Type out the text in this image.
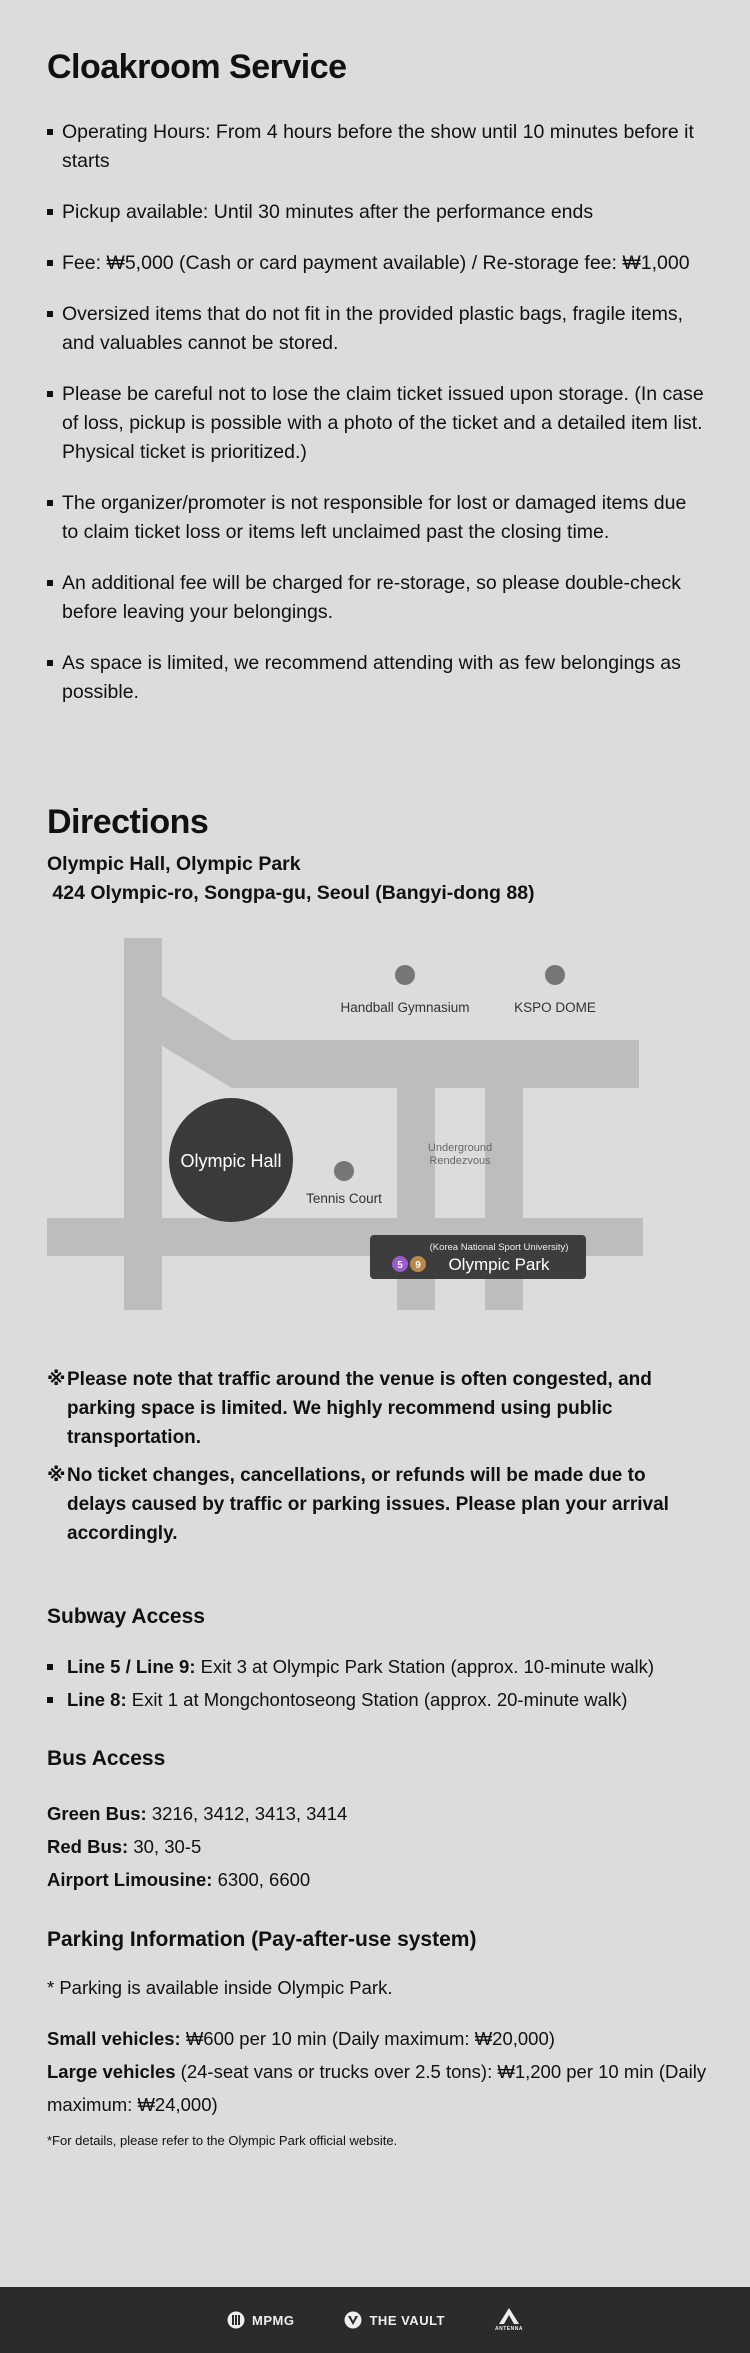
Cloakroom Service
Operating Hours: From 4 hours before the show until 10 minutes before it starts
Pickup available: Until 30 minutes after the performance ends
Fee: ₩5,000 (Cash or card payment available) / Re-storage fee: ₩1,000
Oversized items that do not fit in the provided plastic bags, fragile items, and valuables cannot be stored.
Please be careful not to lose the claim ticket issued upon storage. (In case of loss, pickup is possible with a photo of the ticket and a detailed item list. Physical ticket is prioritized.)
The organizer/promoter is not responsible for lost or damaged items due to claim ticket loss or items left unclaimed past the closing time.
An additional fee will be charged for re-storage, so please double-check before leaving your belongings.
As space is limited, we recommend attending with as few belongings as possible.
Directions
Olympic Hall, Olympic Park
424 Olympic-ro, Songpa-gu, Seoul (Bangyi-dong 88)
Olympic Hall
Handball Gymnasium	KSPO DOME
Tennis Court
Underground
Rendezvous
(Korea National Sport University)
5 9 Olympic Park
※ Please note that traffic around the venue is often congested, and parking space is limited. We highly recommend using public transportation.
※ No ticket changes, cancellations, or refunds will be made due to delays caused by traffic or parking issues. Please plan your arrival accordingly.
Subway Access
Line 5 / Line 9: Exit 3 at Olympic Park Station (approx. 10-minute walk)
Line 8: Exit 1 at Mongchontoseong Station (approx. 20-minute walk)
Bus Access
Green Bus: 3216, 3412, 3413, 3414
Red Bus: 30, 30-5
Airport Limousine: 6300, 6600
Parking Information (Pay-after-use system)
* Parking is available inside Olympic Park.
Small vehicles: ₩600 per 10 min (Daily maximum: ₩20,000)
Large vehicles (24-seat vans or trucks over 2.5 tons): ₩1,200 per 10 min (Daily maximum: ₩24,000)
*For details, please refer to the Olympic Park official website.
MPMG	THE VAULT
ANTENNA
